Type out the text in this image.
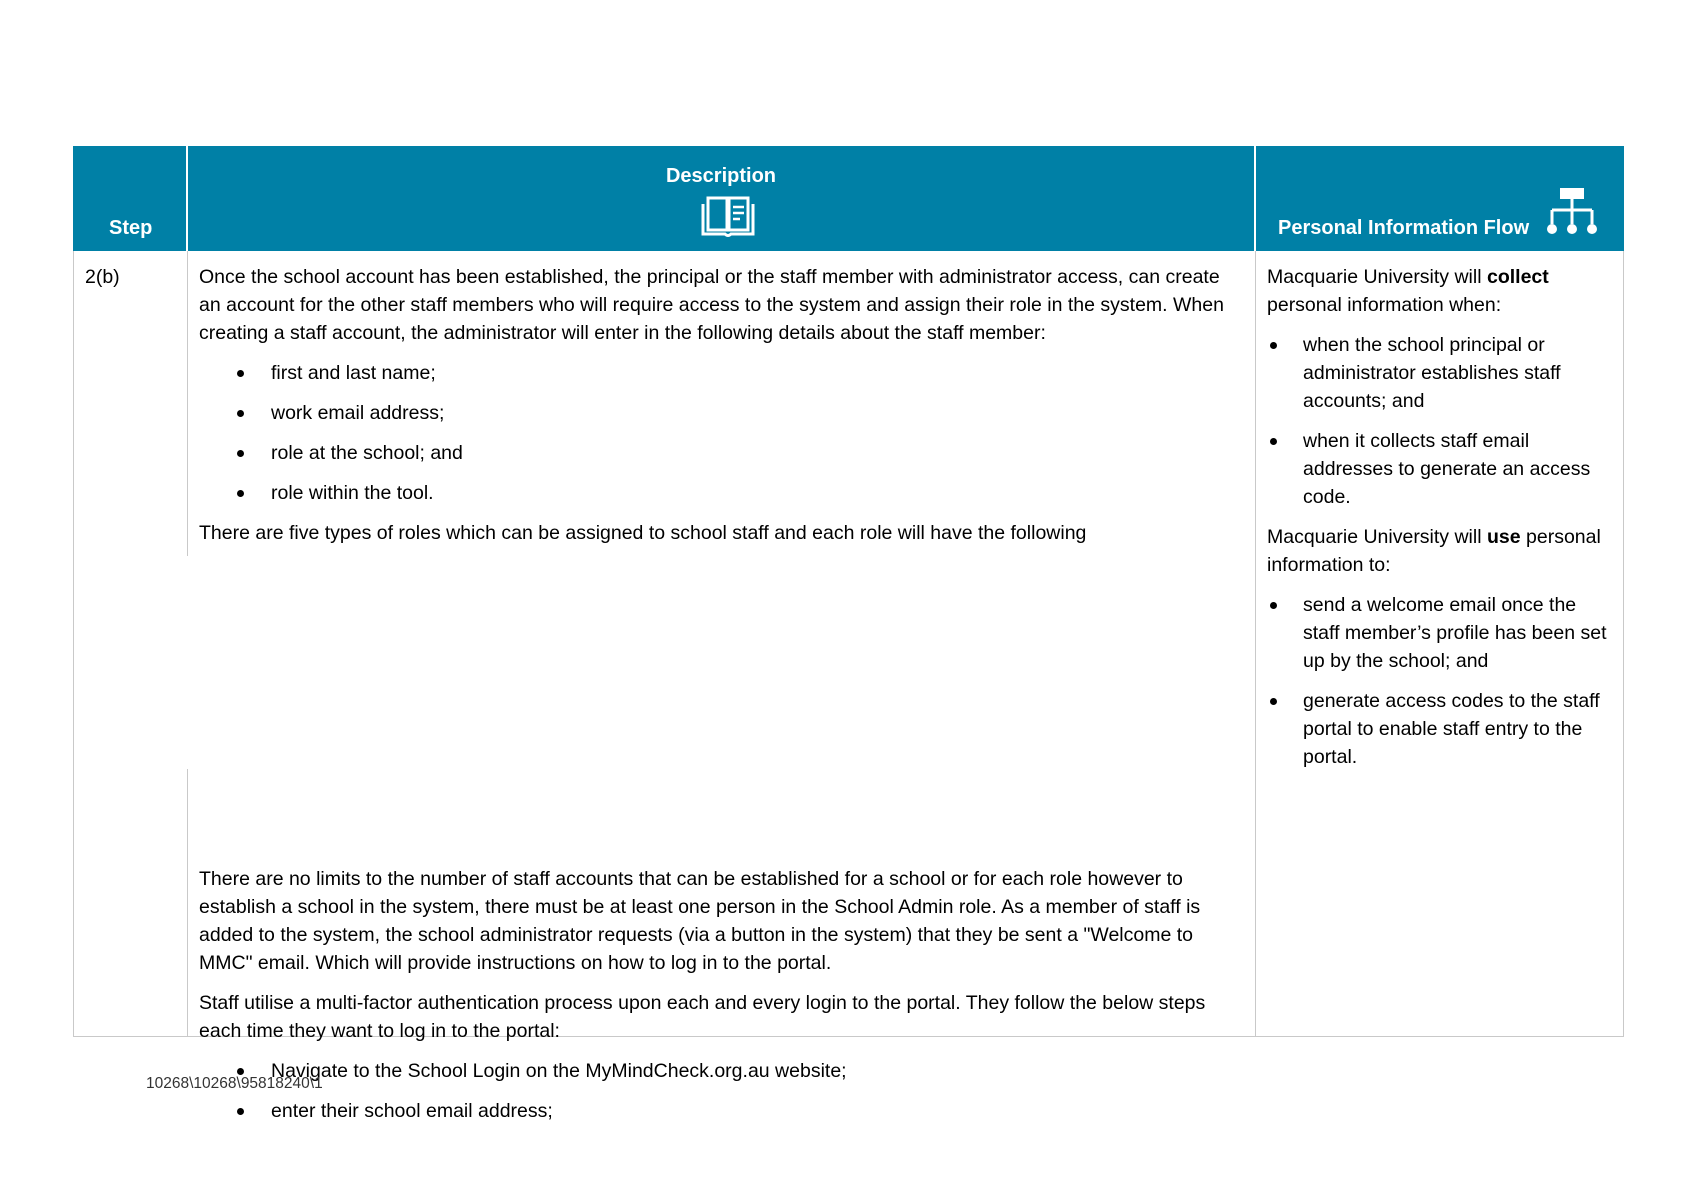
Step
Description
Personal Information Flow
2(b)	Once the school account has been established, the principal or the staff member with administrator access, can create an account for the other staff members who will require access to the system and assign their role in the system. When creating a staff account, the administrator will enter in the following details about the staff member:

first and last name;
work email address;
role at the school; and
role within the tool.

There are five types of roles which can be assigned to school staff and each role will have the following

There are no limits to the number of staff accounts that can be established for a school or for each role however to establish a school in the system, there must be at least one person in the School Admin role. As a member of staff is added to the system, the school administrator requests (via a button in the system) that they be sent a "Welcome to MMC" email. Which will provide instructions on how to log in to the portal.

Staff utilise a multi-factor authentication process upon each and every login to the portal. They follow the below steps each time they want to log in to the portal:

Navigate to the School Login on the MyMindCheck.org.au website;
enter their school email address;

Macquarie University will collect
personal information when:

when the school principal or administrator establishes staff accounts; and
when it collects staff email addresses to generate an access code.

Macquarie University will use personal information to:

send a welcome email once the staff member’s profile has been set up by the school; and
generate access codes to the staff portal to enable staff entry to the portal.
10268\10268\95818240\1
